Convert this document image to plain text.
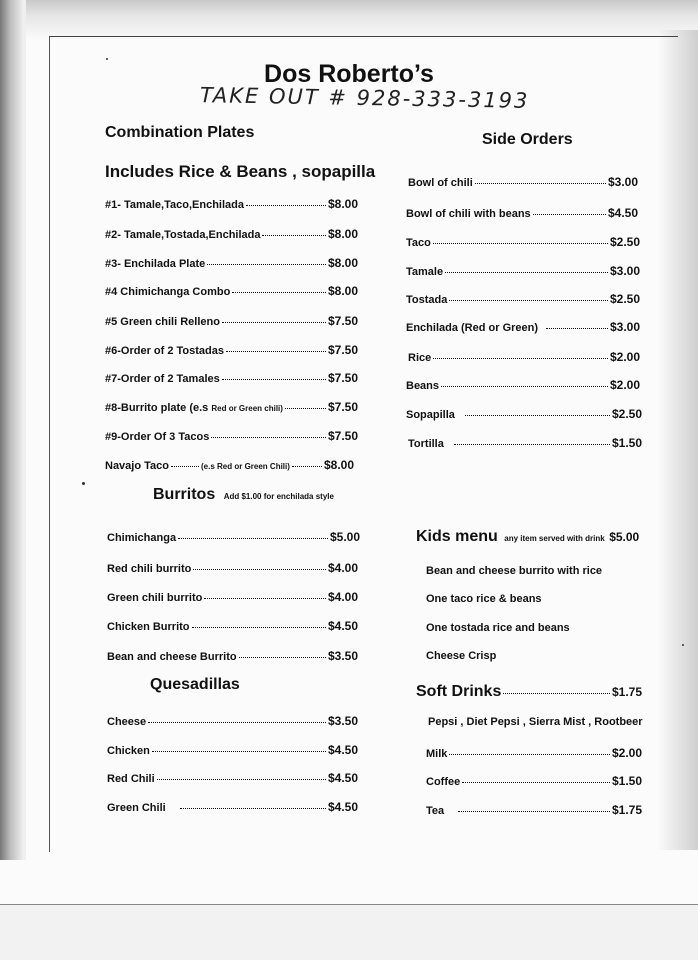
Dos Roberto’s
TAKE OUT # 928-333-3193
Combination Plates
Includes Rice & Beans , sopapilla
#1- Tamale,Taco,Enchilada	$8.00
#2- Tamale,Tostada,Enchilada	$8.00
#3- Enchilada Plate	$8.00
#4 Chimichanga Combo	$8.00
#5 Green chili Relleno	$7.50
#6-Order of 2 Tostadas	$7.50
#7-Order of 2 Tamales	$7.50
#8-Burrito plate (e.s
Red or Green chili)	$7.50
#9-Order Of 3 Tacos	$7.50
Navajo Taco	(e.s Red or Green Chili)	$8.00
Burritos Add $1.00 for enchilada style
Chimichanga	$5.00
Red chili burrito	$4.00
Green chili burrito	$4.00
Chicken Burrito	$4.50
Bean and cheese Burrito	$3.50
Quesadillas
Cheese	$3.50
Chicken	$4.50
Red Chili	$4.50
Green Chili	$4.50
Side Orders
Bowl of chili	$3.00
Bowl of chili with beans	$4.50
Taco	$2.50
Tamale	$3.00
Tostada	$2.50
Enchilada (Red or Green)	$3.00
Rice	$2.00
Beans	$2.00
Sopapilla	$2.50
Tortilla	$1.50
Kids menu any item served with drink $5.00
Bean and cheese burrito with rice
One taco rice & beans
One tostada rice and beans
Cheese Crisp
Soft Drinks	$1.75
Pepsi , Diet Pepsi , Sierra Mist , Rootbeer
Milk	$2.00
Coffee	$1.50
Tea	$1.75
